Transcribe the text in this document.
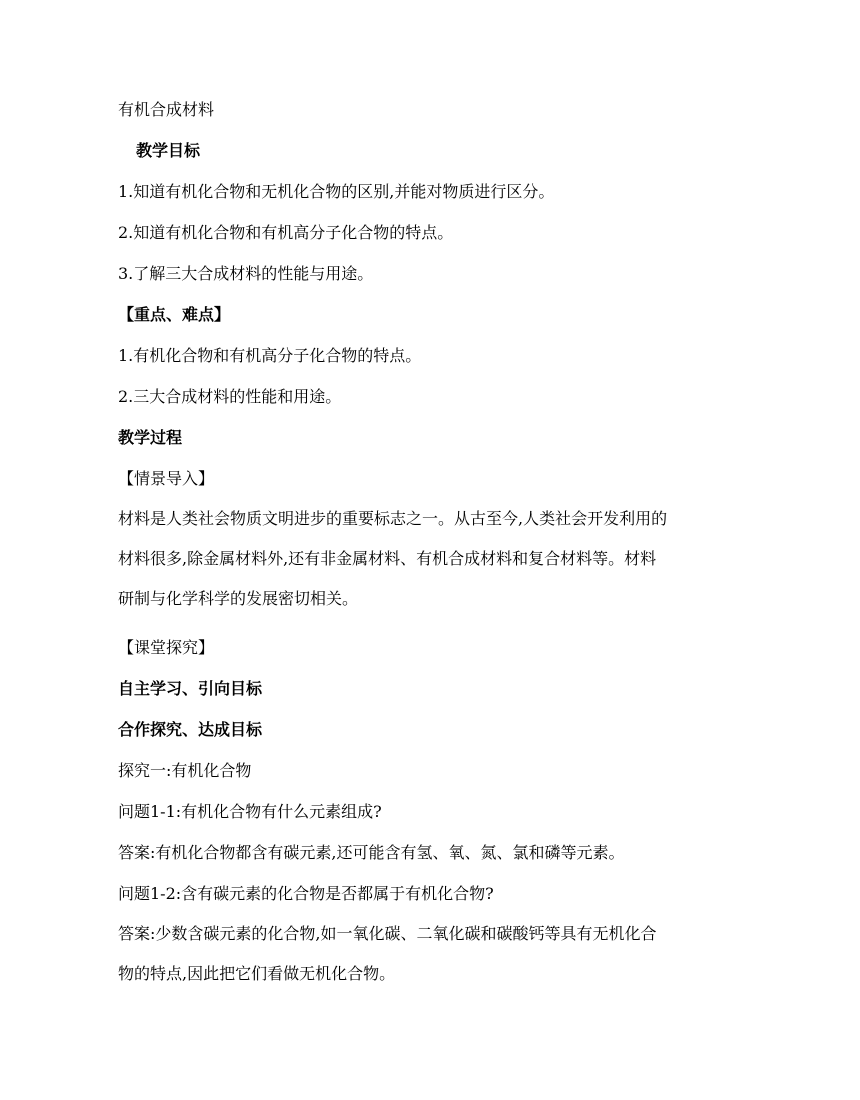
有机合成材料
教学目标
1.知道有机化合物和无机化合物的区别,并能对物质进行区分。
2.知道有机化合物和有机高分子化合物的特点。
3.了解三大合成材料的性能与用途。
【重点、难点】
1.有机化合物和有机高分子化合物的特点。
2.三大合成材料的性能和用途。
教学过程
【情景导入】
材料是人类社会物质文明进步的重要标志之一。从古至今,人类社会开发利用的
材料很多,除金属材料外,还有非金属材料、有机合成材料和复合材料等。材料
研制与化学科学的发展密切相关。
【课堂探究】
自主学习、引向目标
合作探究、达成目标
探究一:有机化合物
问题1-1:有机化合物有什么元素组成?
答案:有机化合物都含有碳元素,还可能含有氢、氧、氮、氯和磷等元素。
问题1-2:含有碳元素的化合物是否都属于有机化合物?
答案:少数含碳元素的化合物,如一氧化碳、二氧化碳和碳酸钙等具有无机化合
物的特点,因此把它们看做无机化合物。
